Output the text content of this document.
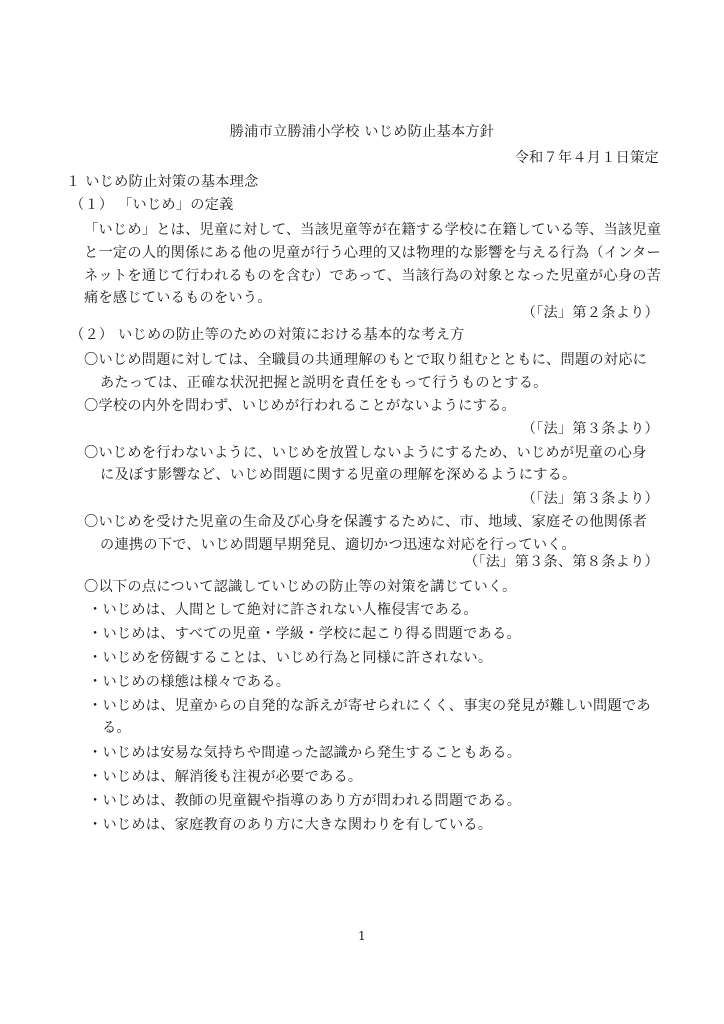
勝浦市立勝浦小学校 いじめ防止基本方針
令和７年４月１日策定
１ いじめ防止対策の基本理念
（１） 「いじめ」の定義
「いじめ」とは、児童に対して、当該児童等が在籍する学校に在籍している等、当該児童
と一定の人的関係にある他の児童が行う心理的又は物理的な影響を与える行為（インター
ネットを通じて行われるものを含む）であって、当該行為の対象となった児童が心身の苦
痛を感じているものをいう。
（「法」第２条より）
（２） いじめの防止等のための対策における基本的な考え方
〇いじめ問題に対しては、全職員の共通理解のもとで取り組むとともに、問題の対応に
あたっては、正確な状況把握と説明を責任をもって行うものとする。
〇学校の内外を問わず、いじめが行われることがないようにする。
（「法」第３条より）
〇いじめを行わないように、いじめを放置しないようにするため、いじめが児童の心身
に及ぼす影響など、いじめ問題に関する児童の理解を深めるようにする。
（「法」第３条より）
〇いじめを受けた児童の生命及び心身を保護するために、市、地域、家庭その他関係者
の連携の下で、いじめ問題早期発見、適切かつ迅速な対応を行っていく。
（「法」第３条、第８条より）
〇以下の点について認識していじめの防止等の対策を講じていく。
・いじめは、人間として絶対に許されない人権侵害である。
・いじめは、すべての児童・学級・学校に起こり得る問題である。
・いじめを傍観することは、いじめ行為と同様に許されない。
・いじめの様態は様々である。
・いじめは、児童からの自発的な訴えが寄せられにくく、事実の発見が難しい問題であ
る。
・いじめは安易な気持ちや間違った認識から発生することもある。
・いじめは、解消後も注視が必要である。
・いじめは、教師の児童観や指導のあり方が問われる問題である。
・いじめは、家庭教育のあり方に大きな関わりを有している。
1
